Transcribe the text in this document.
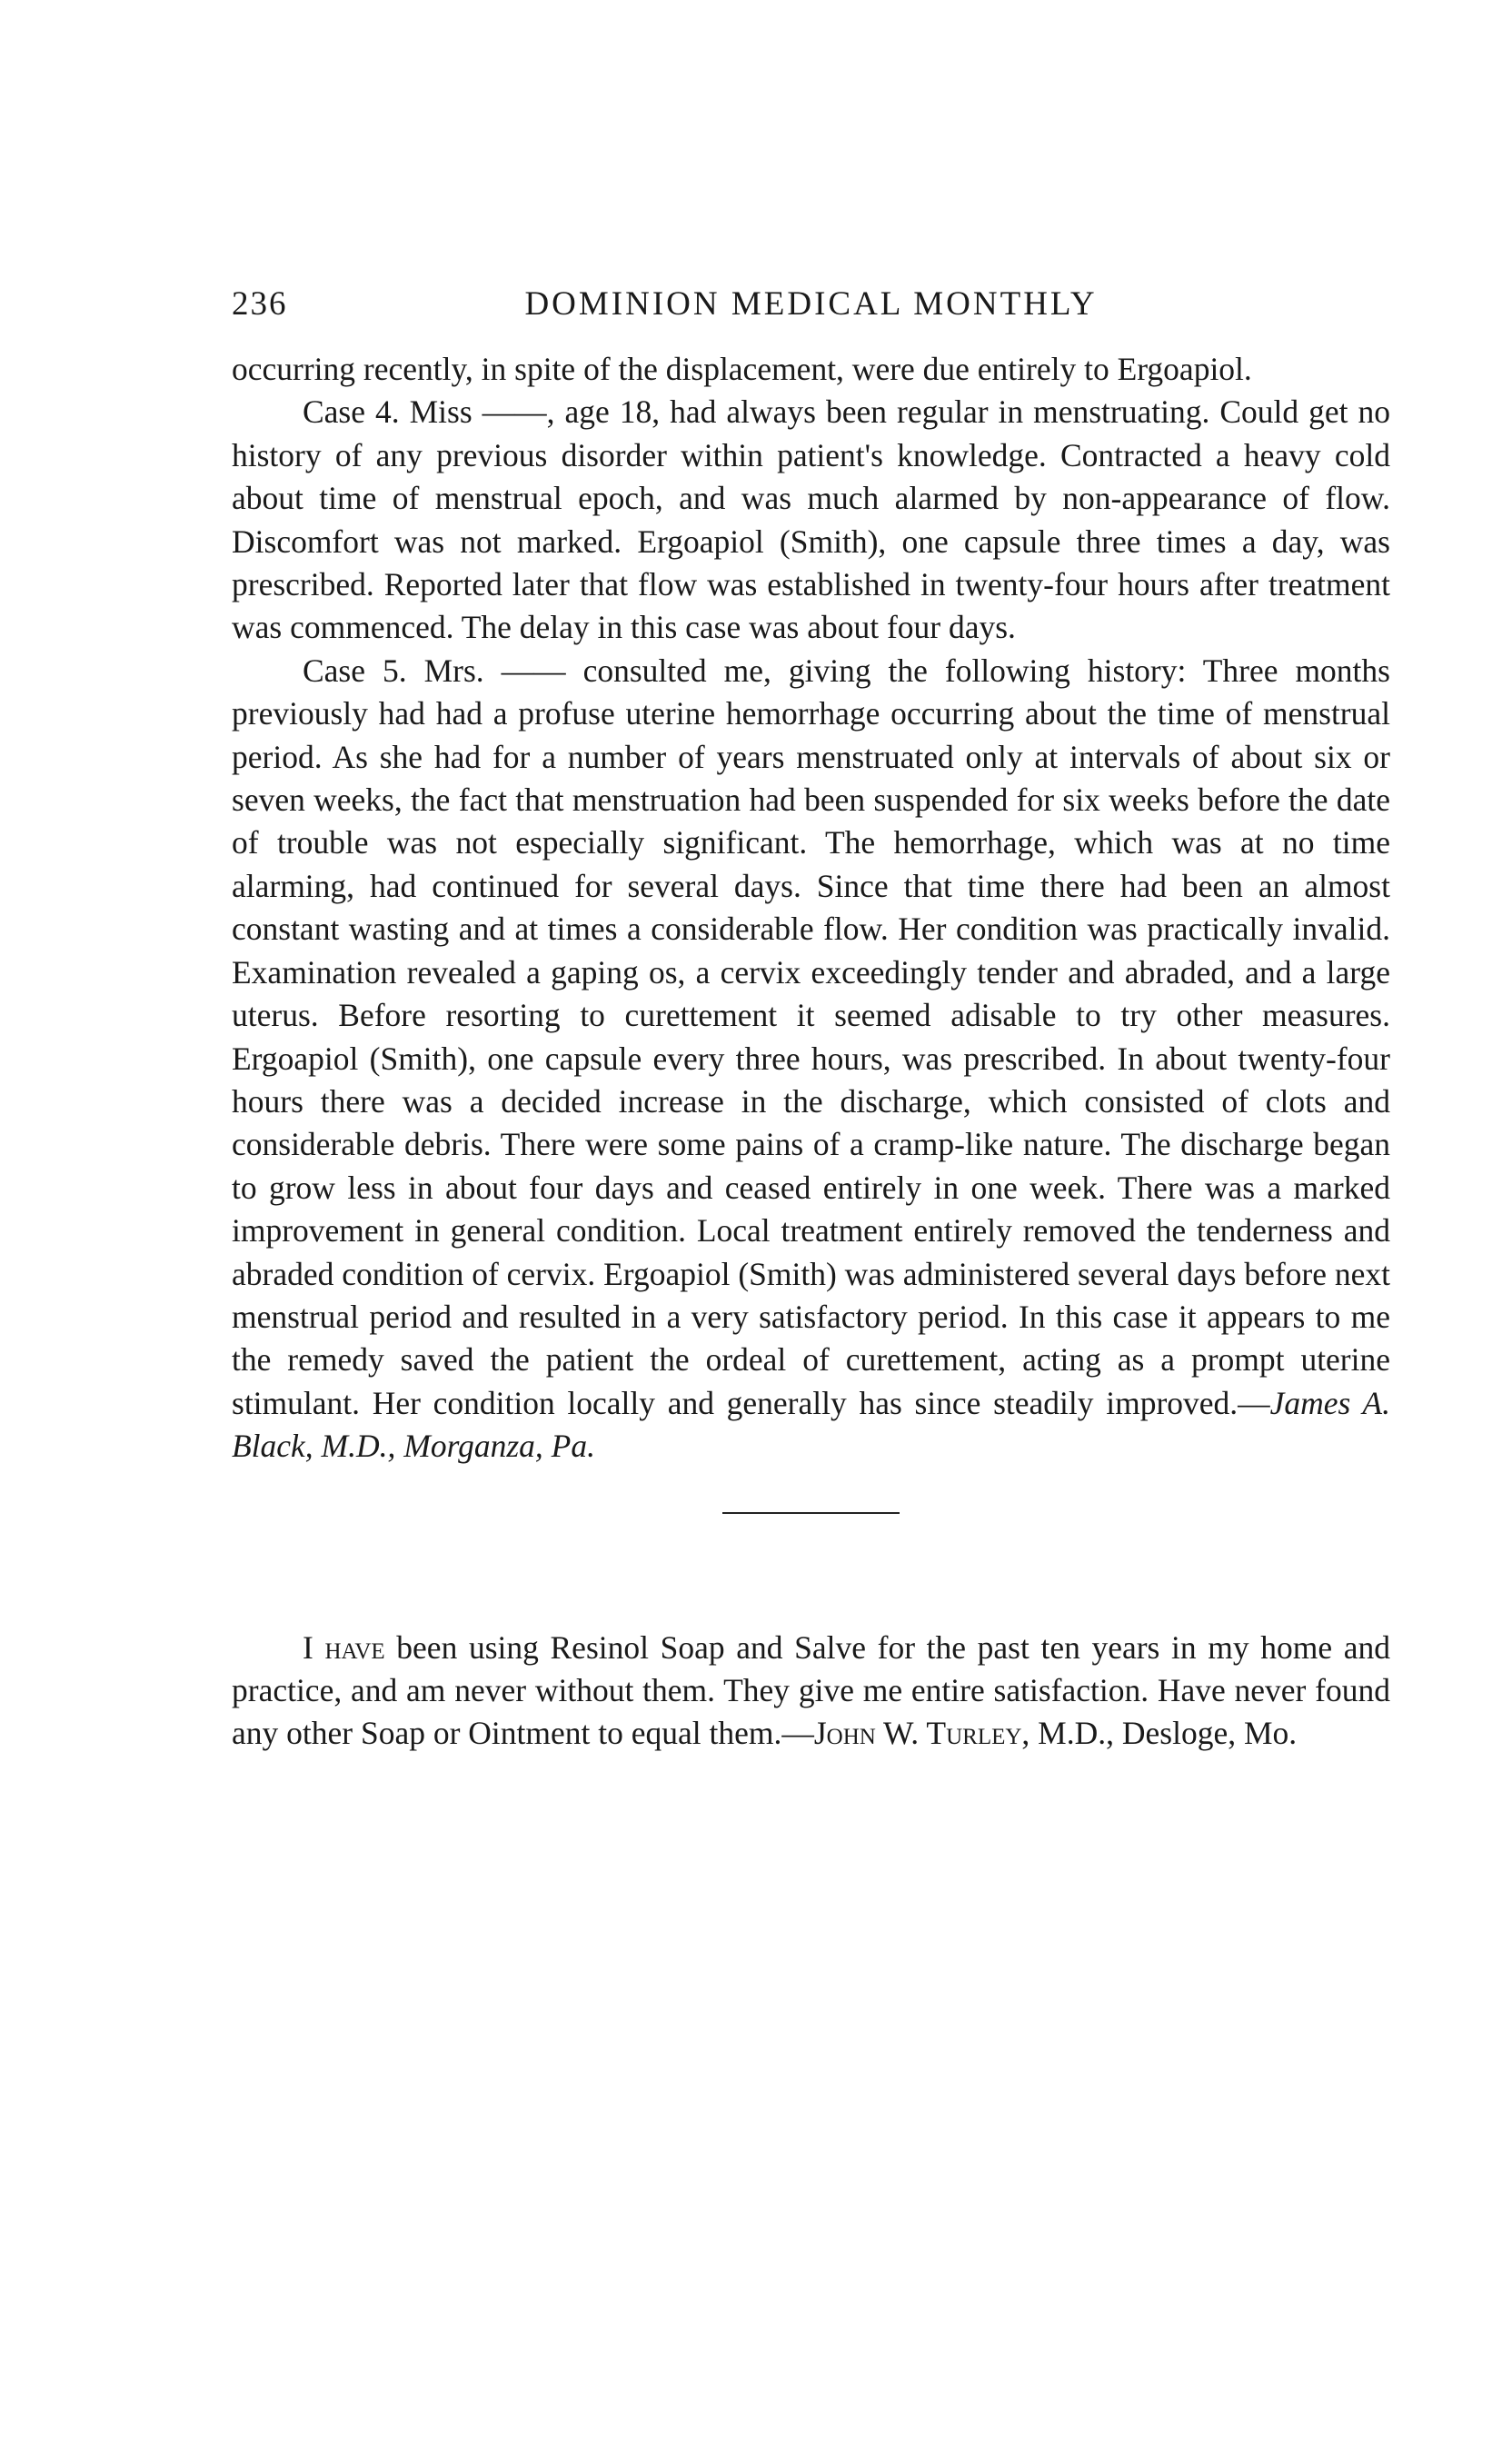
236	DOMINION MEDICAL MONTHLY

occurring recently, in spite of the displacement, were due entirely to Ergoapiol.

Case 4. Miss ——, age 18, had always been regular in menstruating. Could get no history of any previous disorder within patient's knowledge. Contracted a heavy cold about time of menstrual epoch, and was much alarmed by non-appearance of flow. Discomfort was not marked. Ergoapiol (Smith), one capsule three times a day, was prescribed. Reported later that flow was established in twenty-four hours after treatment was commenced. The delay in this case was about four days.

Case 5. Mrs. —— consulted me, giving the following history: Three months previously had had a profuse uterine hemorrhage occurring about the time of menstrual period. As she had for a number of years menstruated only at intervals of about six or seven weeks, the fact that menstruation had been suspended for six weeks before the date of trouble was not especially significant. The hemorrhage, which was at no time alarming, had continued for several days. Since that time there had been an almost constant wasting and at times a considerable flow. Her condition was practically invalid. Examination revealed a gaping os, a cervix exceedingly tender and abraded, and a large uterus. Before resorting to curettement it seemed adisable to try other measures. Ergoapiol (Smith), one capsule every three hours, was prescribed. In about twenty-four hours there was a decided increase in the discharge, which consisted of clots and considerable debris. There were some pains of a cramp-like nature. The discharge began to grow less in about four days and ceased entirely in one week. There was a marked improvement in general condition. Local treatment entirely removed the tenderness and abraded condition of cervix. Ergoapiol (Smith) was administered several days before next menstrual period and resulted in a very satisfactory period. In this case it appears to me the remedy saved the patient the ordeal of curettement, acting as a prompt uterine stimulant. Her condition locally and generally has since steadily improved.—James A. Black, M.D., Morganza, Pa.

I have been using Resinol Soap and Salve for the past ten years in my home and practice, and am never without them. They give me entire satisfaction. Have never found any other Soap or Ointment to equal them.—John W. Turley, M.D., Desloge, Mo.
